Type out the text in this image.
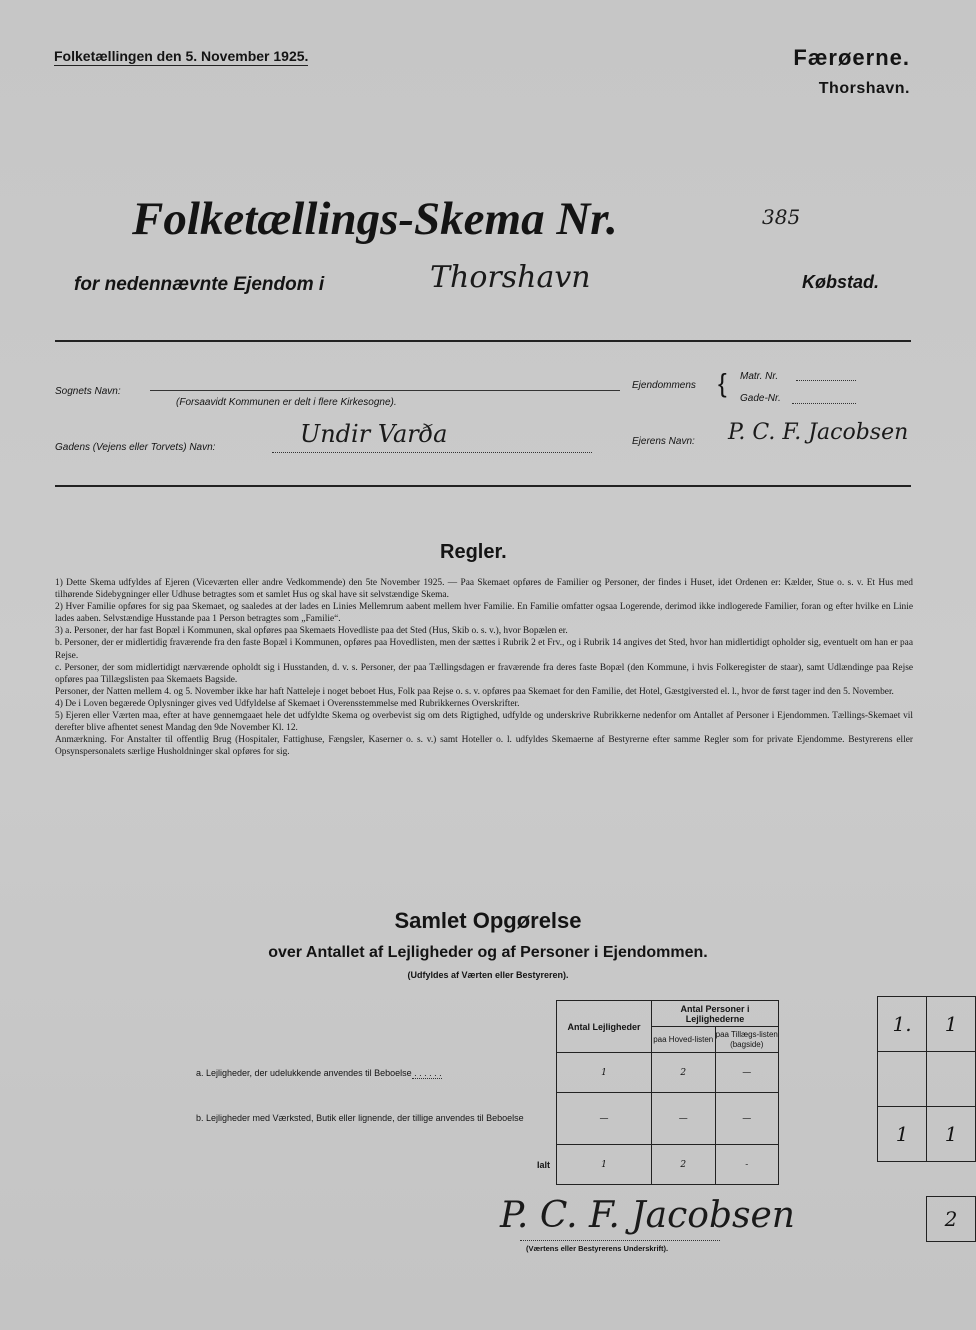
Folketællingen den 5. November 1925.	Færøerne.
Thorshavn.
Folketællings-Skema Nr.	385
for nedennævnte Ejendom i	Thorshavn	Købstad.
Sognets Navn:
(Forsaavidt Kommunen er delt i flere Kirkesogne).
Ejendommens { Matr. Nr.
Gade-Nr.
Gadens (Vejens eller Torvets) Navn:	Undir Varða	Ejerens Navn: P. C. F. Jacobsen
Regler.

1) Dette Skema udfyldes af Ejeren (Viceværten eller andre Vedkommende) den 5te November 1925. — Paa Skemaet opføres de Familier og Personer, der findes i Huset, idet Ordenen er: Kælder, Stue o. s. v. Et Hus med tilhørende Sidebygninger eller Udhuse betragtes som et samlet Hus og skal have sit selvstændige Skema.

2) Hver Familie opføres for sig paa Skemaet, og saaledes at der lades en Linies Mellemrum aabent mellem hver Familie. En Familie omfatter ogsaa Logerende, derimod ikke indlogerede Familier, foran og efter hvilke en Linie lades aaben. Selvstændige Husstande paa 1 Person betragtes som „Familie“.

3) a. Personer, der har fast Bopæl i Kommunen, skal opføres paa Skemaets Hovedliste paa det Sted (Hus, Skib o. s. v.), hvor Bopælen er.

b. Personer, der er midlertidig fraværende fra den faste Bopæl i Kommunen, opføres paa Hovedlisten, men der sættes i Rubrik 2 et Frv., og i Rubrik 14 angives det Sted, hvor han midlertidigt opholder sig, eventuelt om han er paa Rejse.

c. Personer, der som midlertidigt nærværende opholdt sig i Husstanden, d. v. s. Personer, der paa Tællingsdagen er fraværende fra deres faste Bopæl (den Kommune, i hvis Folkeregister de staar), samt Udlændinge paa Rejse opføres paa Tillægslisten paa Skemaets Bagside.

Personer, der Natten mellem 4. og 5. November ikke har haft Natteleje i noget beboet Hus, Folk paa Rejse o. s. v. opføres paa Skemaet for den Familie, det Hotel, Gæstgiversted el. l., hvor de først tager ind den 5. November.

4) De i Loven begærede Oplysninger gives ved Udfyldelse af Skemaet i Overensstemmelse med Rubrikkernes Overskrifter.

5) Ejeren eller Værten maa, efter at have gennemgaaet hele det udfyldte Skema og overbevist sig om dets Rigtighed, udfylde og underskrive Rubrikkerne nedenfor om Antallet af Personer i Ejendommen. Tællings-Skemaet vil derefter blive afhentet senest Mandag den 9de November Kl. 12.

Anmærkning. For Anstalter til offentlig Brug (Hospitaler, Fattighuse, Fængsler, Kaserner o. s. v.) samt Hoteller o. l. udfyldes Skemaerne af Bestyrerne efter samme Regler som for private Ejendomme. Bestyrerens eller Opsynspersonalets særlige Husholdninger skal opføres for sig.

Samlet Opgørelse
over Antallet af Lejligheder og af Personer i Ejendommen.
(Udfyldes af Værten eller Bestyreren).
	Antal Lejligheder	Antal Personer i Lejlighederne	
		paa Hoved-listen	paa Tillægs-listen (bagside)
a. Lejligheder, der udelukkende anvendes til Beboelse . . . . . .	1	2	—
b. Lejligheder med Værksted, Butik eller lignende, der tillige anvendes til Beboelse	—	—	—
Ialt	1	2	-
1.	1

1	1
2
P. C. F. Jacobsen
(Værtens eller Bestyrerens Underskrift).
